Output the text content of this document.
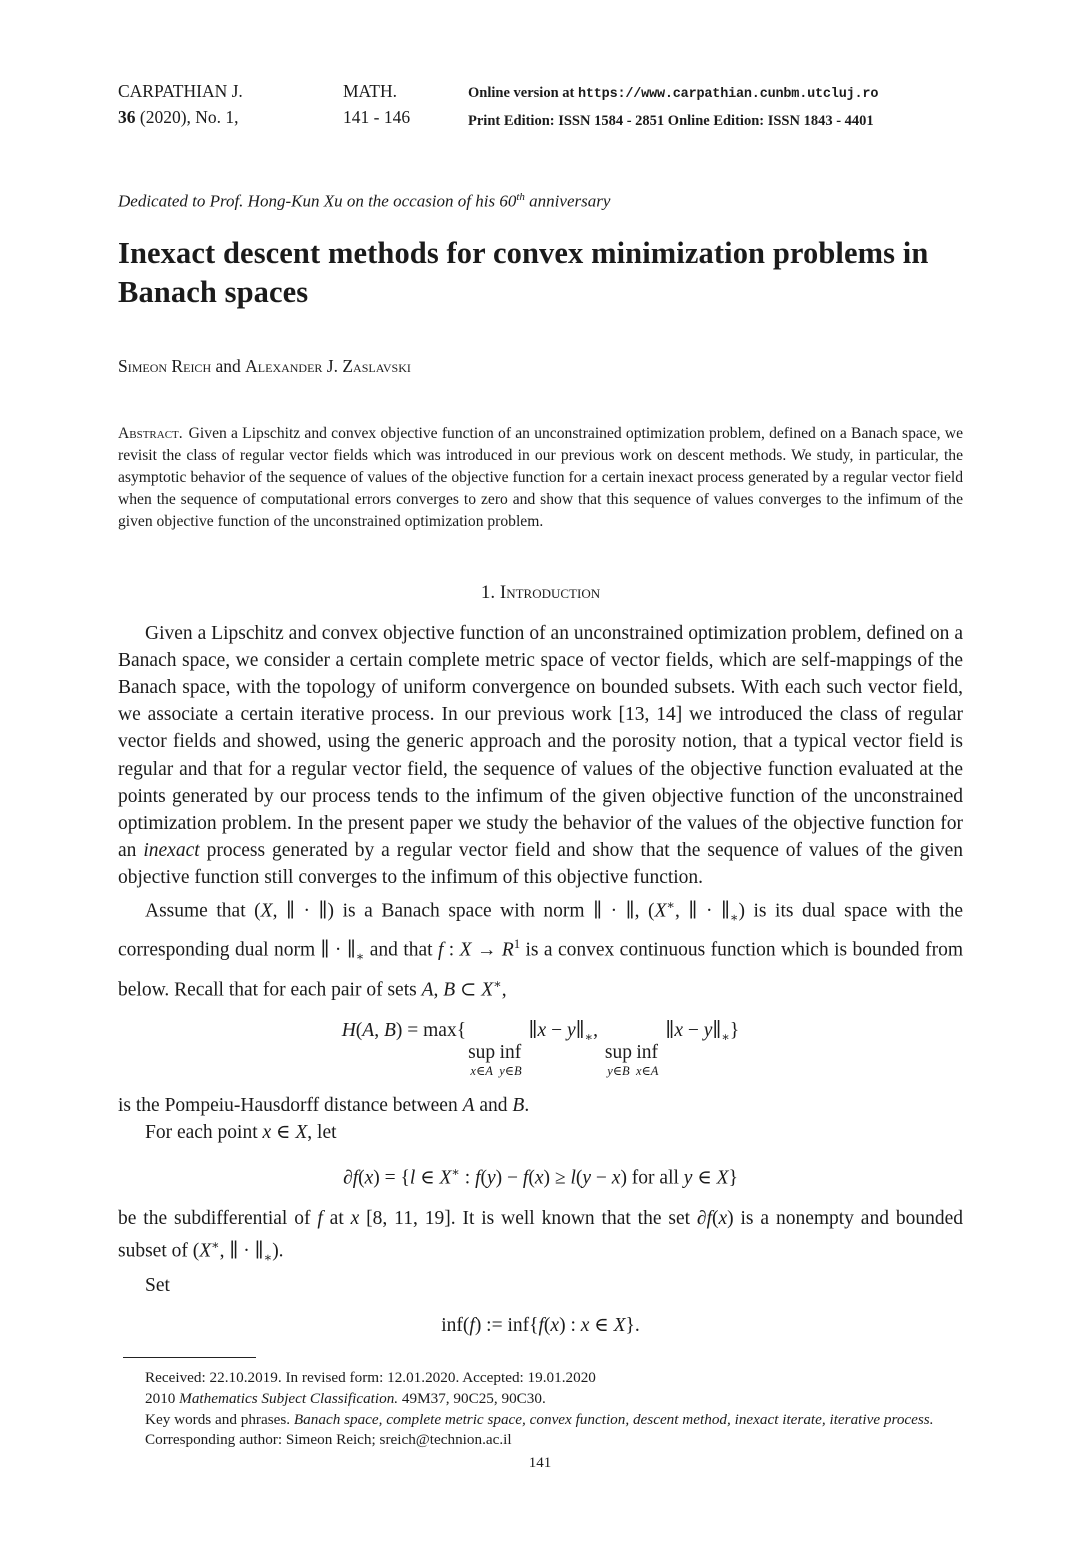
CARPATHIAN J.
36 (2020), No. 1,
MATH.
141 - 146
Online version at https://www.carpathian.cunbm.utcluj.ro
Print Edition: ISSN 1584 - 2851 Online Edition: ISSN 1843 - 4401

Dedicated to Prof. Hong-Kun Xu on the occasion of his 60th anniversary

Inexact descent methods for convex minimization problems in Banach spaces
Simeon Reich and Alexander J. Zaslavski

Abstract. Given a Lipschitz and convex objective function of an unconstrained optimization problem, defined on a Banach space, we revisit the class of regular vector fields which was introduced in our previous work on descent methods. We study, in particular, the asymptotic behavior of the sequence of values of the objective function for a certain inexact process generated by a regular vector field when the sequence of computational errors converges to zero and show that this sequence of values converges to the infimum of the given objective function of the unconstrained optimization problem.

1. Introduction

Given a Lipschitz and convex objective function of an unconstrained optimization problem, defined on a Banach space, we consider a certain complete metric space of vector fields, which are self-mappings of the Banach space, with the topology of uniform convergence on bounded subsets. With each such vector field, we associate a certain iterative process. In our previous work [13, 14] we introduced the class of regular vector fields and showed, using the generic approach and the porosity notion, that a typical vector field is regular and that for a regular vector field, the sequence of values of the objective function evaluated at the points generated by our process tends to the infimum of the given objective function of the unconstrained optimization problem. In the present paper we study the behavior of the values of the objective function for an inexact process generated by a regular vector field and show that the sequence of values of the given objective function still converges to the infimum of this objective function.

Assume that (X, ∥ · ∥) is a Banach space with norm ∥ · ∥, (X∗, ∥ · $\parallel_∗$) is its dual space with the corresponding dual norm ∥ · $\parallel_∗$ and that f : $X \to R^1$ is a convex continuous function which is bounded from below. Recall that for each pair of sets A, B ⊂ X∗,

H(A, B) = max{
sup
x∈A
inf
y∈B
∥x − $y\parallel_∗$,
sup
y∈B
inf
x∈A
∥x − $y\parallel_∗$}

is the Pompeiu-Hausdorff distance between A and B.

For each point x ∈ X, let

∂f(x) = {l ∈ X∗ : f(y) − f(x) ≥ l(y − x) for all y ∈ X}

be the subdifferential of f at x [8, 11, 19]. It is well known that the set ∂f(x) is a nonempty and bounded subset of (X∗, ∥ · $\parallel_∗$).

Set

inf(f) := inf{f(x) : x ∈ X}.

Received: 22.10.2019. In revised form: 12.01.2020. Accepted: 19.01.2020

2010 Mathematics Subject Classification. 49M37, 90C25, 90C30.

Key words and phrases. Banach space, complete metric space, convex function, descent method, inexact iterate, iterative process.

Corresponding author: Simeon Reich; sreich@technion.ac.il

141
